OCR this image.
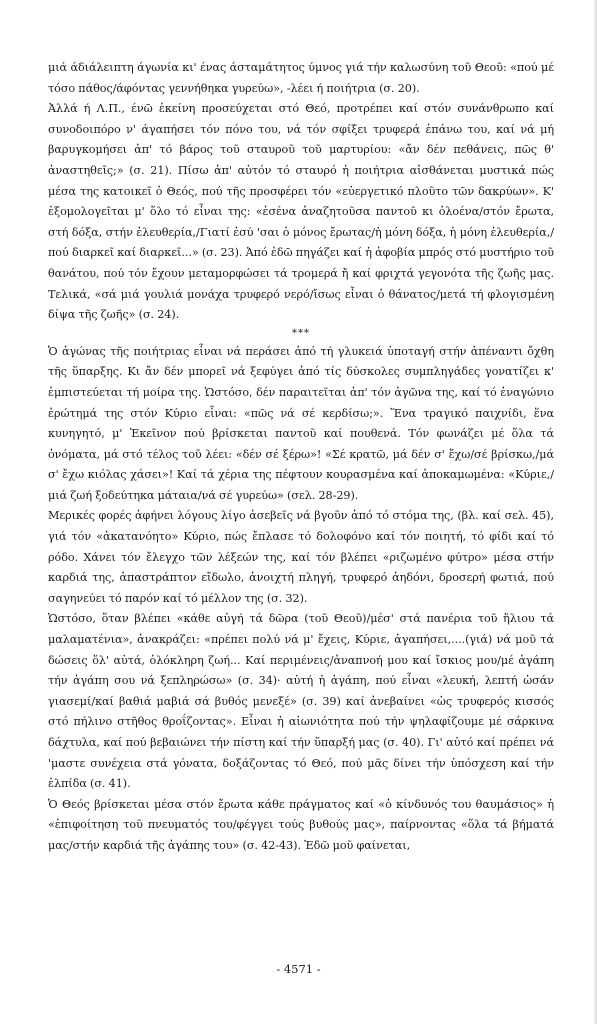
μιά άδιάλειπτη άγωνία κι' ένας άσταμάτητος ύμνος γιά τήν καλωσύνη τοῦ Θεοῦ: «πού μέ τόσο πάθος/άφόντας γεννήθηκα γυρεύω», -λέει ή ποιήτρια (σ. 20).

Ἀλλά ή Λ.Π., ένῶ ἐκείνη προσεύχεται στό Θεό, προτρέπει καί στόν συνάνθρωπο καί συνοδοιπόρο ν' άγαπήσει τόν πόνο του, νά τόν σφίξει τρυφερά ἐπάνω του, καί νά μή βαρυγκομήσει ἀπ' τό βάρος τοῦ σταυροῦ τοῦ μαρτυρίου: «ἄν δέν πεθάνεις, πῶς θ' ἀναστηθεῖς;» (σ. 21). Πίσω ἀπ' αὐτόν τό σταυρό ἡ ποιήτρια αἰσθάνεται μυστικά πώς μέσα της κατοικεῖ ὁ Θεός, πού τῆς προσφέρει τόν «εὐεργετικό πλοῦτο τῶν δακρύων». Κ' ἐξομολογεῖται μ' ὅλο τό εἶναι της: «ἐσένα ἀναζητοῦσα παντοῦ κι ὁλοένα/στόν ἔρωτα, στή δόξα, στήν ἐλευθερία,/Γιατί ἐσύ 'σαι ὁ μόνος ἔρωτας/ἡ μόνη δόξα, ἡ μόνη ἐλευθερία,/πού διαρκεῖ καί διαρκεῖ...» (σ. 23). Ἀπό ἐδῶ πηγάζει καί ἡ ἀφοβία μπρός στό μυστήριο τοῦ θανάτου, πού τόν ἔχουν μεταμορφώσει τά τρομερά ἤ καί φριχτά γεγονότα τῆς ζωῆς μας. Τελικά, «σά μιά γουλιά μονάχα τρυφερό νερό/ἴσως εἶναι ὁ θάνατος/μετά τή φλογισμένη δίψα τῆς ζωῆς» (σ. 24).

***

Ὁ ἀγώνας τῆς ποιήτριας εἶναι νά περάσει ἀπό τή γλυκειά ὑποταγή στήν ἀπέναντι ὄχθη τῆς ὕπαρξης. Κι ἄν δέν μπορεῖ νά ξεφύγει ἀπό τίς δύσκολες συμπληγάδες γονατίζει κ' ἐμπιστεύεται τή μοίρα της. Ὡστόσο, δέν παραιτεῖται ἀπ' τόν ἀγῶνα της, καί τό ἐναγώνιο ἐρώτημά της στόν Κύριο εἶναι: «πῶς νά σέ κερδίσω;». Ἕνα τραγικό παιχνίδι, ἕνα κυνηγητό, μ' Ἐκεῖνον πού βρίσκεται παντοῦ καί πουθενά. Τόν φωνάζει μέ ὅλα τά ὀνόματα, μά στό τέλος τοῦ λέει: «δέν σέ ξέρω»! «Σέ κρατῶ, μά δέν σ' ἔχω/σέ βρίσκω,/μά σ' ἔχω κιόλας χάσει»! Καί τά χέρια της πέφτουν κουρασμένα καί ἀποκαμωμένα: «Κύριε,/μιά ζωή ξοδεύτηκα μάταια/νά σέ γυρεύω» (σελ. 28-29).

Μερικές φορές ἀφήνει λόγους λίγο ἀσεβεῖς νά βγοῦν ἀπό τό στόμα της, (βλ. καί σελ. 45), γιά τόν «ἀκατανόητο» Κύριο, πώς ἔπλασε τό δολοφόνο καί τόν ποιητή, τό φίδι καί τό ρόδο. Χάνει τόν ἔλεγχο τῶν λέξεών της, καί τόν βλέπει «ριζωμένο φύτρο» μέσα στήν καρδιά της, ἀπαστράπτον εἴδωλο, ἀνοιχτή πληγή, τρυφερό ἀηδόνι, δροσερή φωτιά, πού σαγηνεύει τό παρόν καί τό μέλλον της (σ. 32).

Ὡστόσο, ὅταν βλέπει «κάθε αὐγή τά δῶρα (τοῦ Θεοῦ)/μέσ' στά πανέρια τοῦ ἥλιου τά μαλαματένια», ἀνακράζει: «πρέπει πολύ νά μ' ἔχεις, Κύριε, ἀγαπήσει,....(γιά) νά μοῦ τά δώσεις ὅλ' αὐτά, ὁλόκληρη ζωή... Καί περιμένεις/ἀναπνοή μου καί ἴσκιος μου/μέ ἀγάπη τήν ἀγάπη σου νά ξεπληρώσω» (σ. 34)· αὐτή ἡ ἀγάπη, πού εἶναι «λευκή, λεπτή ὡσάν γιασεμί/καί βαθιά μαβιά σά βυθός μενεξέ» (σ. 39) καί ἀνεβαίνει «ὡς τρυφερός κισσός στό πήλινο στῆθος θροΐζοντας». Εἶναι ἡ αἰωνιότητα πού τήν ψηλαφίζουμε μέ σάρκινα δάχτυλα, καί πού βεβαιώνει τήν πίστη καί τήν ὕπαρξή μας (σ. 40). Γι' αὐτό καί πρέπει νά 'μαστε συνέχεια στά γόνατα, δοξάζοντας τό Θεό, πού μᾶς δίνει τήν ὑπόσχεση καί τήν ἐλπίδα (σ. 41).

Ὁ Θεός βρίσκεται μέσα στόν ἔρωτα κάθε πράγματος καί «ὁ κίνδυνός του θαυμάσιος» ἡ «ἐπιφοίτηση τοῦ πνευματός του/φέγγει τούς βυθούς μας», παίρνοντας «ὅλα τά βήματά μας/στήν καρδιά τῆς ἀγάπης του» (σ. 42-43). Ἐδῶ μοῦ φαίνεται,

- 4571 -
